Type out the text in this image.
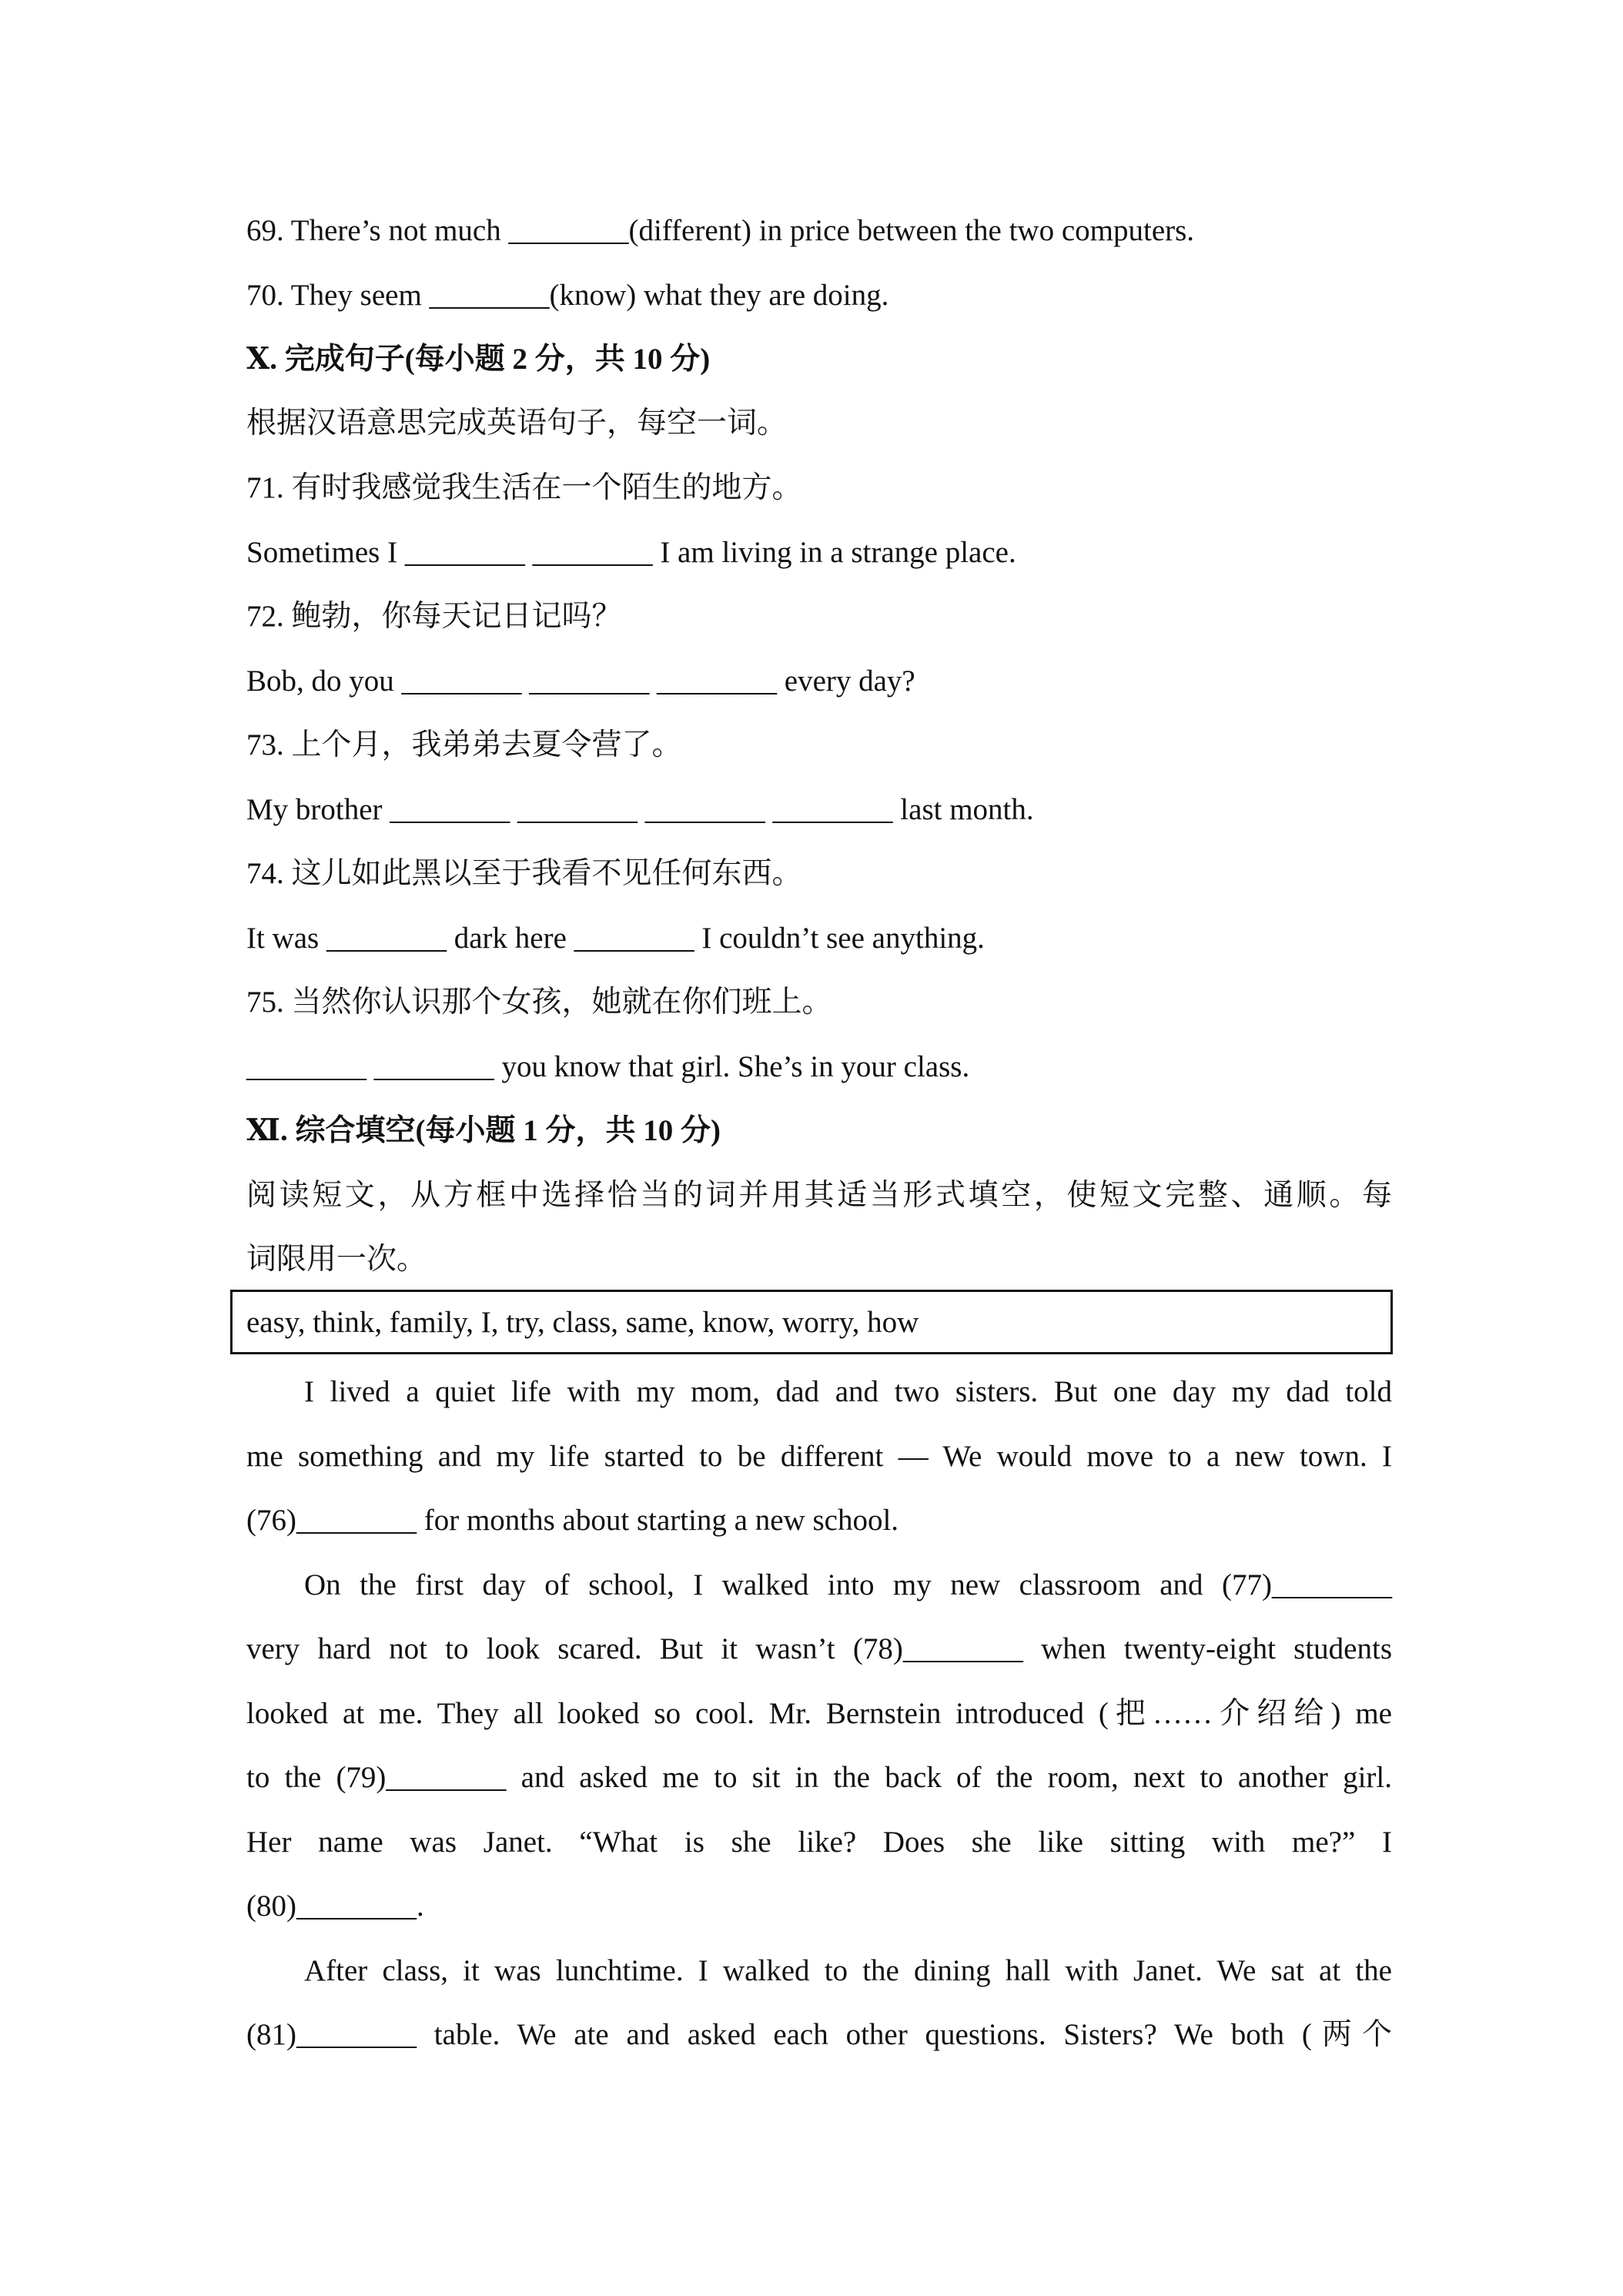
69. There’s not much ________(different) in price between the two computers.
70. They seem ________(know) what they are doing.
Ⅹ. 完成句子(每小题 2 分，共 10 分)
根据汉语意思完成英语句子，每空一词。
71. 有时我感觉我生活在一个陌生的地方。
Sometimes I ________ ________ I am living in a strange place.
72. 鲍勃，你每天记日记吗？
Bob, do you ________ ________ ________ every day?
73. 上个月，我弟弟去夏令营了。
My brother ________ ________ ________ ________ last month.
74. 这儿如此黑以至于我看不见任何东西。
It was ________ dark here ________ I couldn’t see anything.
75. 当然你认识那个女孩，她就在你们班上。
________ ________ you know that girl. She’s in your class.
Ⅺ. 综合填空(每小题 1 分，共 10 分)
阅读短文，从方框中选择恰当的词并用其适当形式填空，使短文完整、通顺。每
词限用一次。
easy, think, family, I, try, class, same, know, worry, how
I lived a quiet life with my mom, dad and two sisters. But one day my dad told
me something and my life started to be different — We would move to a new town. I
(76)________ for months about starting a new school.
On the first day of school, I walked into my new classroom and (77)________
very hard not to look scared. But it wasn’t (78)________ when twenty-eight students
looked at me. They all looked so cool. Mr. Bernstein introduced (把……介绍给) me
to the (79)________ and asked me to sit in the back of the room, next to another girl.
Her name was Janet. “What is she like? Does she like sitting with me?” I
(80)________.
After class, it was lunchtime. I walked to the dining hall with Janet. We sat at the
(81)________ table. We ate and asked each other questions. Sisters? We both (两个
